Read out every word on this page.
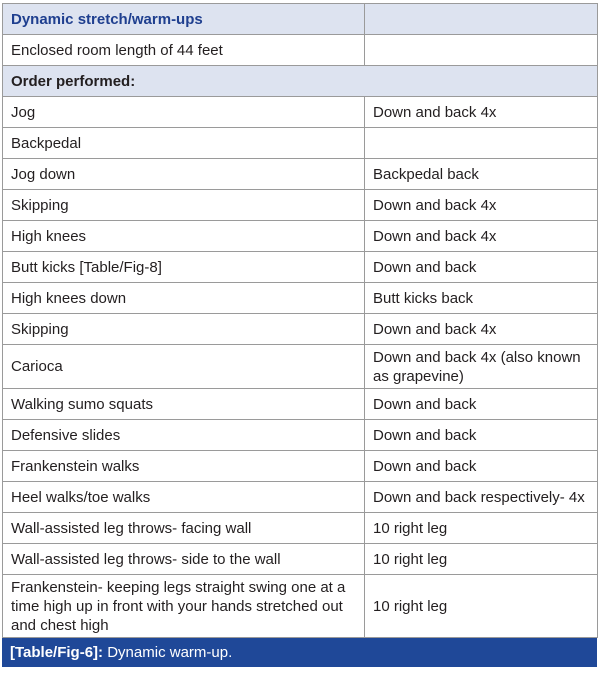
Dynamic stretch/warm-ups	
Enclosed room length of 44 feet	
Order performed:	
Jog	Down and back 4x
Backpedal	
Jog down	Backpedal back
Skipping	Down and back 4x
High knees	Down and back 4x
Butt kicks [Table/Fig-8]	Down and back
High knees down	Butt kicks back
Skipping	Down and back 4x
Carioca	Down and back 4x (also known as grapevine)
Walking sumo squats	Down and back
Defensive slides	Down and back
Frankenstein walks	Down and back
Heel walks/toe walks	Down and back respectively- 4x
Wall-assisted leg throws- facing wall	10 right leg
Wall-assisted leg throws- side to the wall	10 right leg
Frankenstein- keeping legs straight swing one at a time high up in front with your hands stretched out and chest high	10 right leg
[Table/Fig-6]: Dynamic warm-up.
